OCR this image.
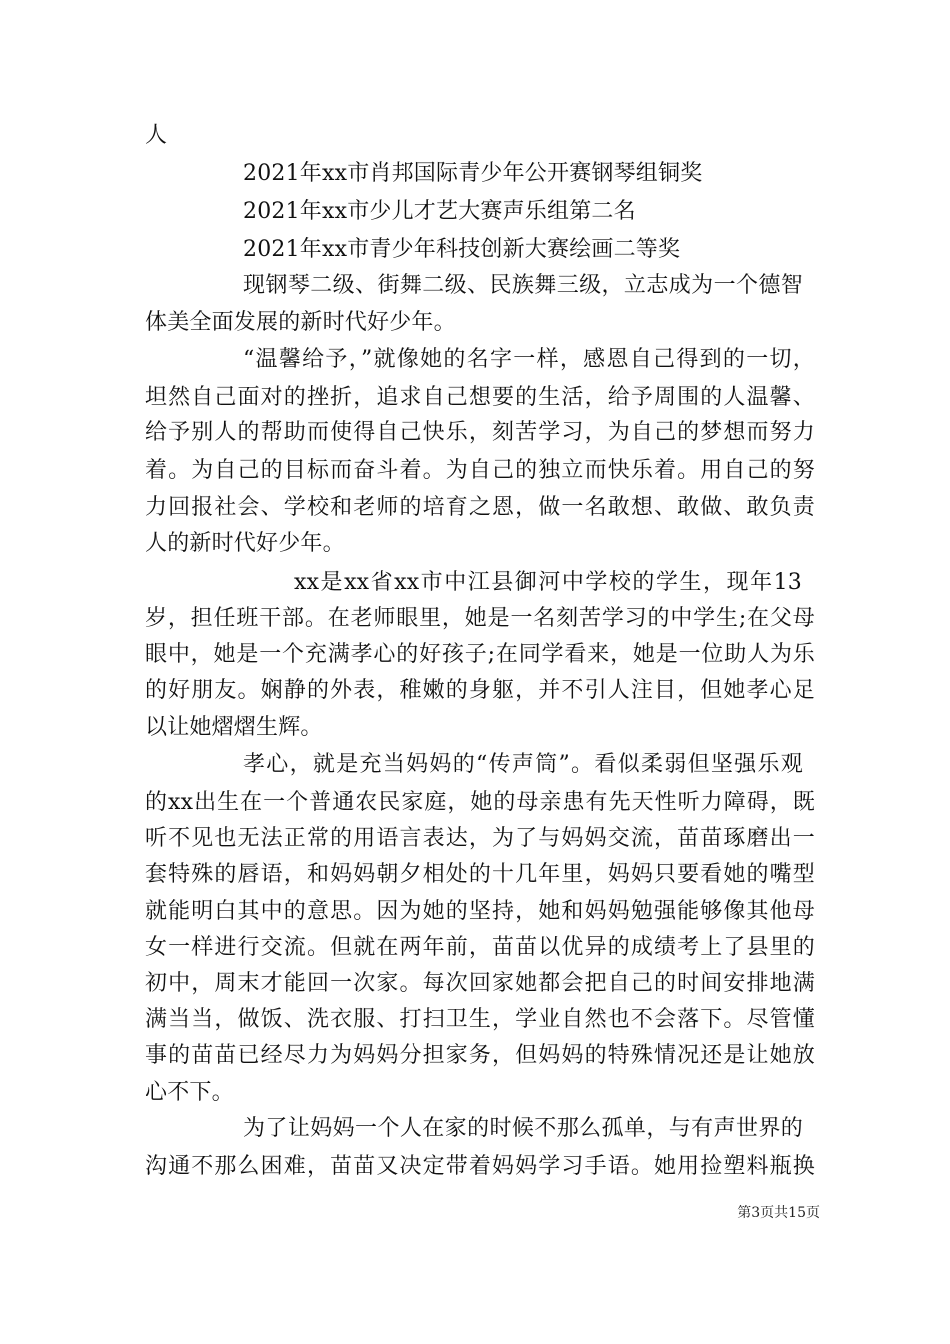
人
2021年xx市肖邦国际青少年公开赛钢琴组铜奖
2021年xx市少儿才艺大赛声乐组第二名
2021年xx市青少年科技创新大赛绘画二等奖
现钢琴二级、街舞二级、民族舞三级，立志成为一个德智
体美全面发展的新时代好少年。
“温馨给予，”就像她的名字一样，感恩自己得到的一切，
坦然自己面对的挫折，追求自己想要的生活，给予周围的人温馨、
给予别人的帮助而使得自己快乐，刻苦学习，为自己的梦想而努力
着。为自己的目标而奋斗着。为自己的独立而快乐着。用自己的努
力回报社会、学校和老师的培育之恩，做一名敢想、敢做、敢负责
人的新时代好少年。
xx是xx省xx市中江县御河中学校的学生，现年13
岁，担任班干部。在老师眼里，她是一名刻苦学习的中学生;在父母
眼中，她是一个充满孝心的好孩子;在同学看来，她是一位助人为乐
的好朋友。娴静的外表，稚嫩的身躯，并不引人注目，但她孝心足
以让她熠熠生辉。
孝心，就是充当妈妈的“传声筒”。看似柔弱但坚强乐观
的xx出生在一个普通农民家庭，她的母亲患有先天性听力障碍，既
听不见也无法正常的用语言表达，为了与妈妈交流，苗苗琢磨出一
套特殊的唇语，和妈妈朝夕相处的十几年里，妈妈只要看她的嘴型
就能明白其中的意思。因为她的坚持，她和妈妈勉强能够像其他母
女一样进行交流。但就在两年前，苗苗以优异的成绩考上了县里的
初中，周末才能回一次家。每次回家她都会把自己的时间安排地满
满当当，做饭、洗衣服、打扫卫生，学业自然也不会落下。尽管懂
事的苗苗已经尽力为妈妈分担家务，但妈妈的特殊情况还是让她放
心不下。
为了让妈妈一个人在家的时候不那么孤单，与有声世界的
沟通不那么困难，苗苗又决定带着妈妈学习手语。她用捡塑料瓶换
第3页共15页
